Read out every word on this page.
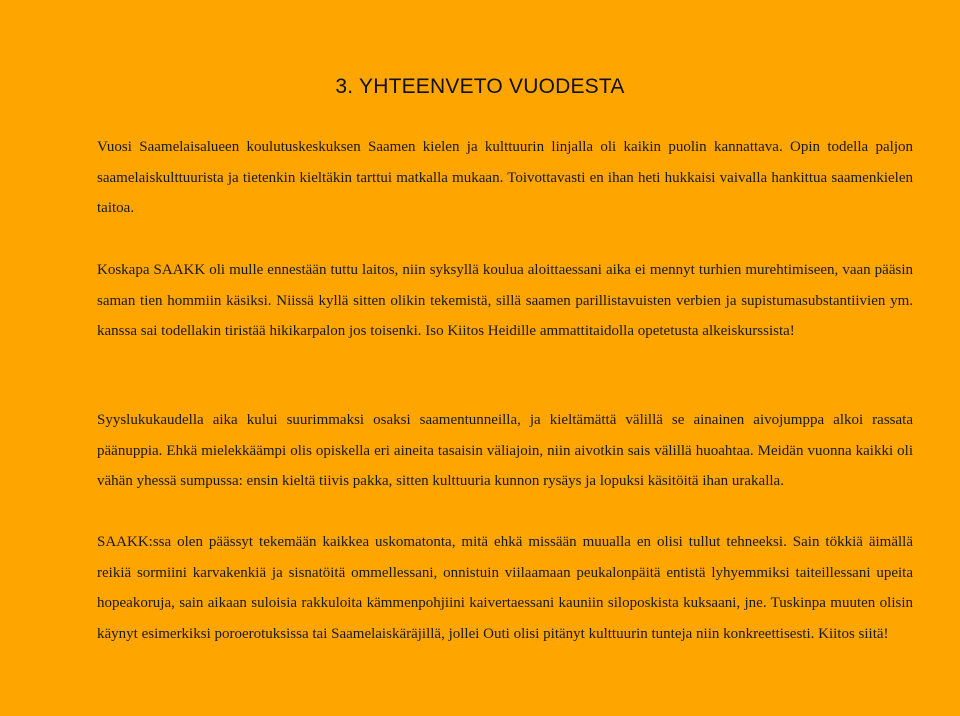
3. YHTEENVETO VUODESTA

Vuosi Saamelaisalueen koulutuskeskuksen Saamen kielen ja kulttuurin linjalla oli kaikin puolin kannattava. Opin todella paljon saamelaiskulttuurista ja tietenkin kieltäkin tarttui matkalla mukaan. Toivottavasti en ihan heti hukkaisi vaivalla hankittua saamenkielen taitoa.

Koskapa SAAKK oli mulle ennestään tuttu laitos, niin syksyllä koulua aloittaessani aika ei mennyt turhien murehtimiseen, vaan pääsin saman tien hommiin käsiksi. Niissä kyllä sitten olikin tekemistä, sillä saamen parillistavuisten verbien ja supistumasubstantiivien ym. kanssa sai todellakin tiristää hikikarpalon jos toisenki. Iso Kiitos Heidille ammattitaidolla opetetusta alkeiskurssista!

Syyslukukaudella aika kului suurimmaksi osaksi saamentunneilla, ja kieltämättä välillä se ainainen aivojumppa alkoi rassata päänuppia. Ehkä mielekkäämpi olis opiskella eri aineita tasaisin väliajoin, niin aivotkin sais välillä huoahtaa. Meidän vuonna kaikki oli vähän yhessä sumpussa: ensin kieltä tiivis pakka, sitten kulttuuria kunnon rysäys ja lopuksi käsitöitä ihan urakalla.

SAAKK:ssa olen päässyt tekemään kaikkea uskomatonta, mitä ehkä missään muualla en olisi tullut tehneeksi. Sain tökkiä äimällä reikiä sormiini karvakenkiä ja sisnatöitä ommellessani, onnistuin viilaamaan peukalonpäitä entistä lyhyemmiksi taiteillessani upeita hopeakoruja, sain aikaan suloisia rakkuloita kämmenpohjiini kaivertaessani kauniin siloposkista kuksaani, jne. Tuskinpa muuten olisin käynyt esimerkiksi poroerotuksissa tai Saamelaiskäräjillä, jollei Outi olisi pitänyt kulttuurin tunteja niin konkreettisesti. Kiitos siitä!
